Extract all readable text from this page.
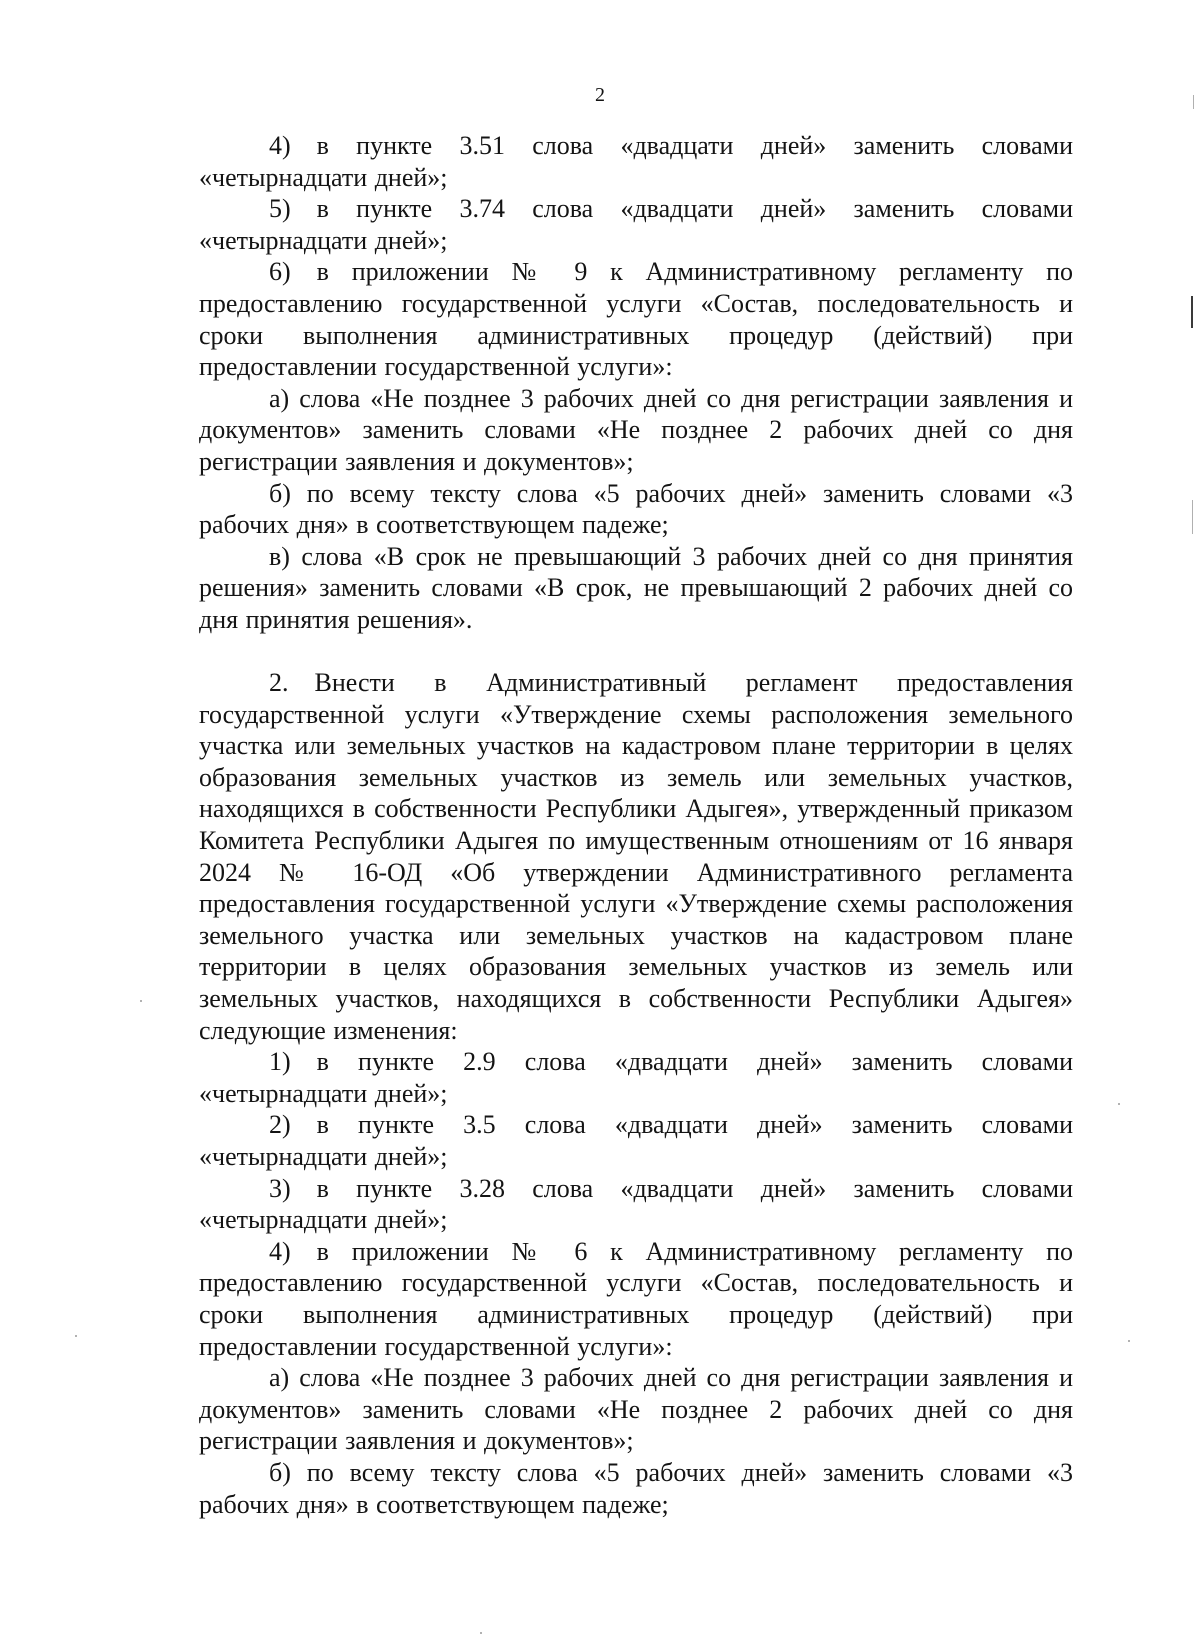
2

4) в пункте 3.51 слова «двадцати дней» заменить словами «четырнадцати дней»;

5) в пункте 3.74 слова «двадцати дней» заменить словами «четырнадцати дней»;

6) в приложении № 9 к Административному регламенту по предоставлению государственной услуги «Состав, последовательность и сроки выполнения административных процедур (действий) при предоставлении государственной услуги»:

а) слова «Не позднее 3 рабочих дней со дня регистрации заявления и документов» заменить словами «Не позднее 2 рабочих дней со дня регистрации заявления и документов»;

б) по всему тексту слова «5 рабочих дней» заменить словами «3 рабочих дня» в соответствующем падеже;

в) слова «В срок не превышающий 3 рабочих дней со дня принятия решения» заменить словами «В срок, не превышающий 2 рабочих дней со дня принятия решения».

2. Внести в Административный регламент предоставления государственной услуги «Утверждение схемы расположения земельного участка или земельных участков на кадастровом плане территории в целях образования земельных участков из земель или земельных участков, находящихся в собственности Республики Адыгея», утвержденный приказом Комитета Республики Адыгея по имущественным отношениям от 16 января 2024 № 16-ОД «Об утверждении Административного регламента предоставления государственной услуги «Утверждение схемы расположения земельного участка или земельных участков на кадастровом плане территории в целях образования земельных участков из земель или земельных участков, находящихся в собственности Республики Адыгея» следующие изменения:

1) в пункте 2.9 слова «двадцати дней» заменить словами «четырнадцати дней»;

2) в пункте 3.5 слова «двадцати дней» заменить словами «четырнадцати дней»;

3) в пункте 3.28 слова «двадцати дней» заменить словами «четырнадцати дней»;

4) в приложении № 6 к Административному регламенту по предоставлению государственной услуги «Состав, последовательность и сроки выполнения административных процедур (действий) при предоставлении государственной услуги»:

а) слова «Не позднее 3 рабочих дней со дня регистрации заявления и документов» заменить словами «Не позднее 2 рабочих дней со дня регистрации заявления и документов»;

б) по всему тексту слова «5 рабочих дней» заменить словами «3 рабочих дня» в соответствующем падеже;
